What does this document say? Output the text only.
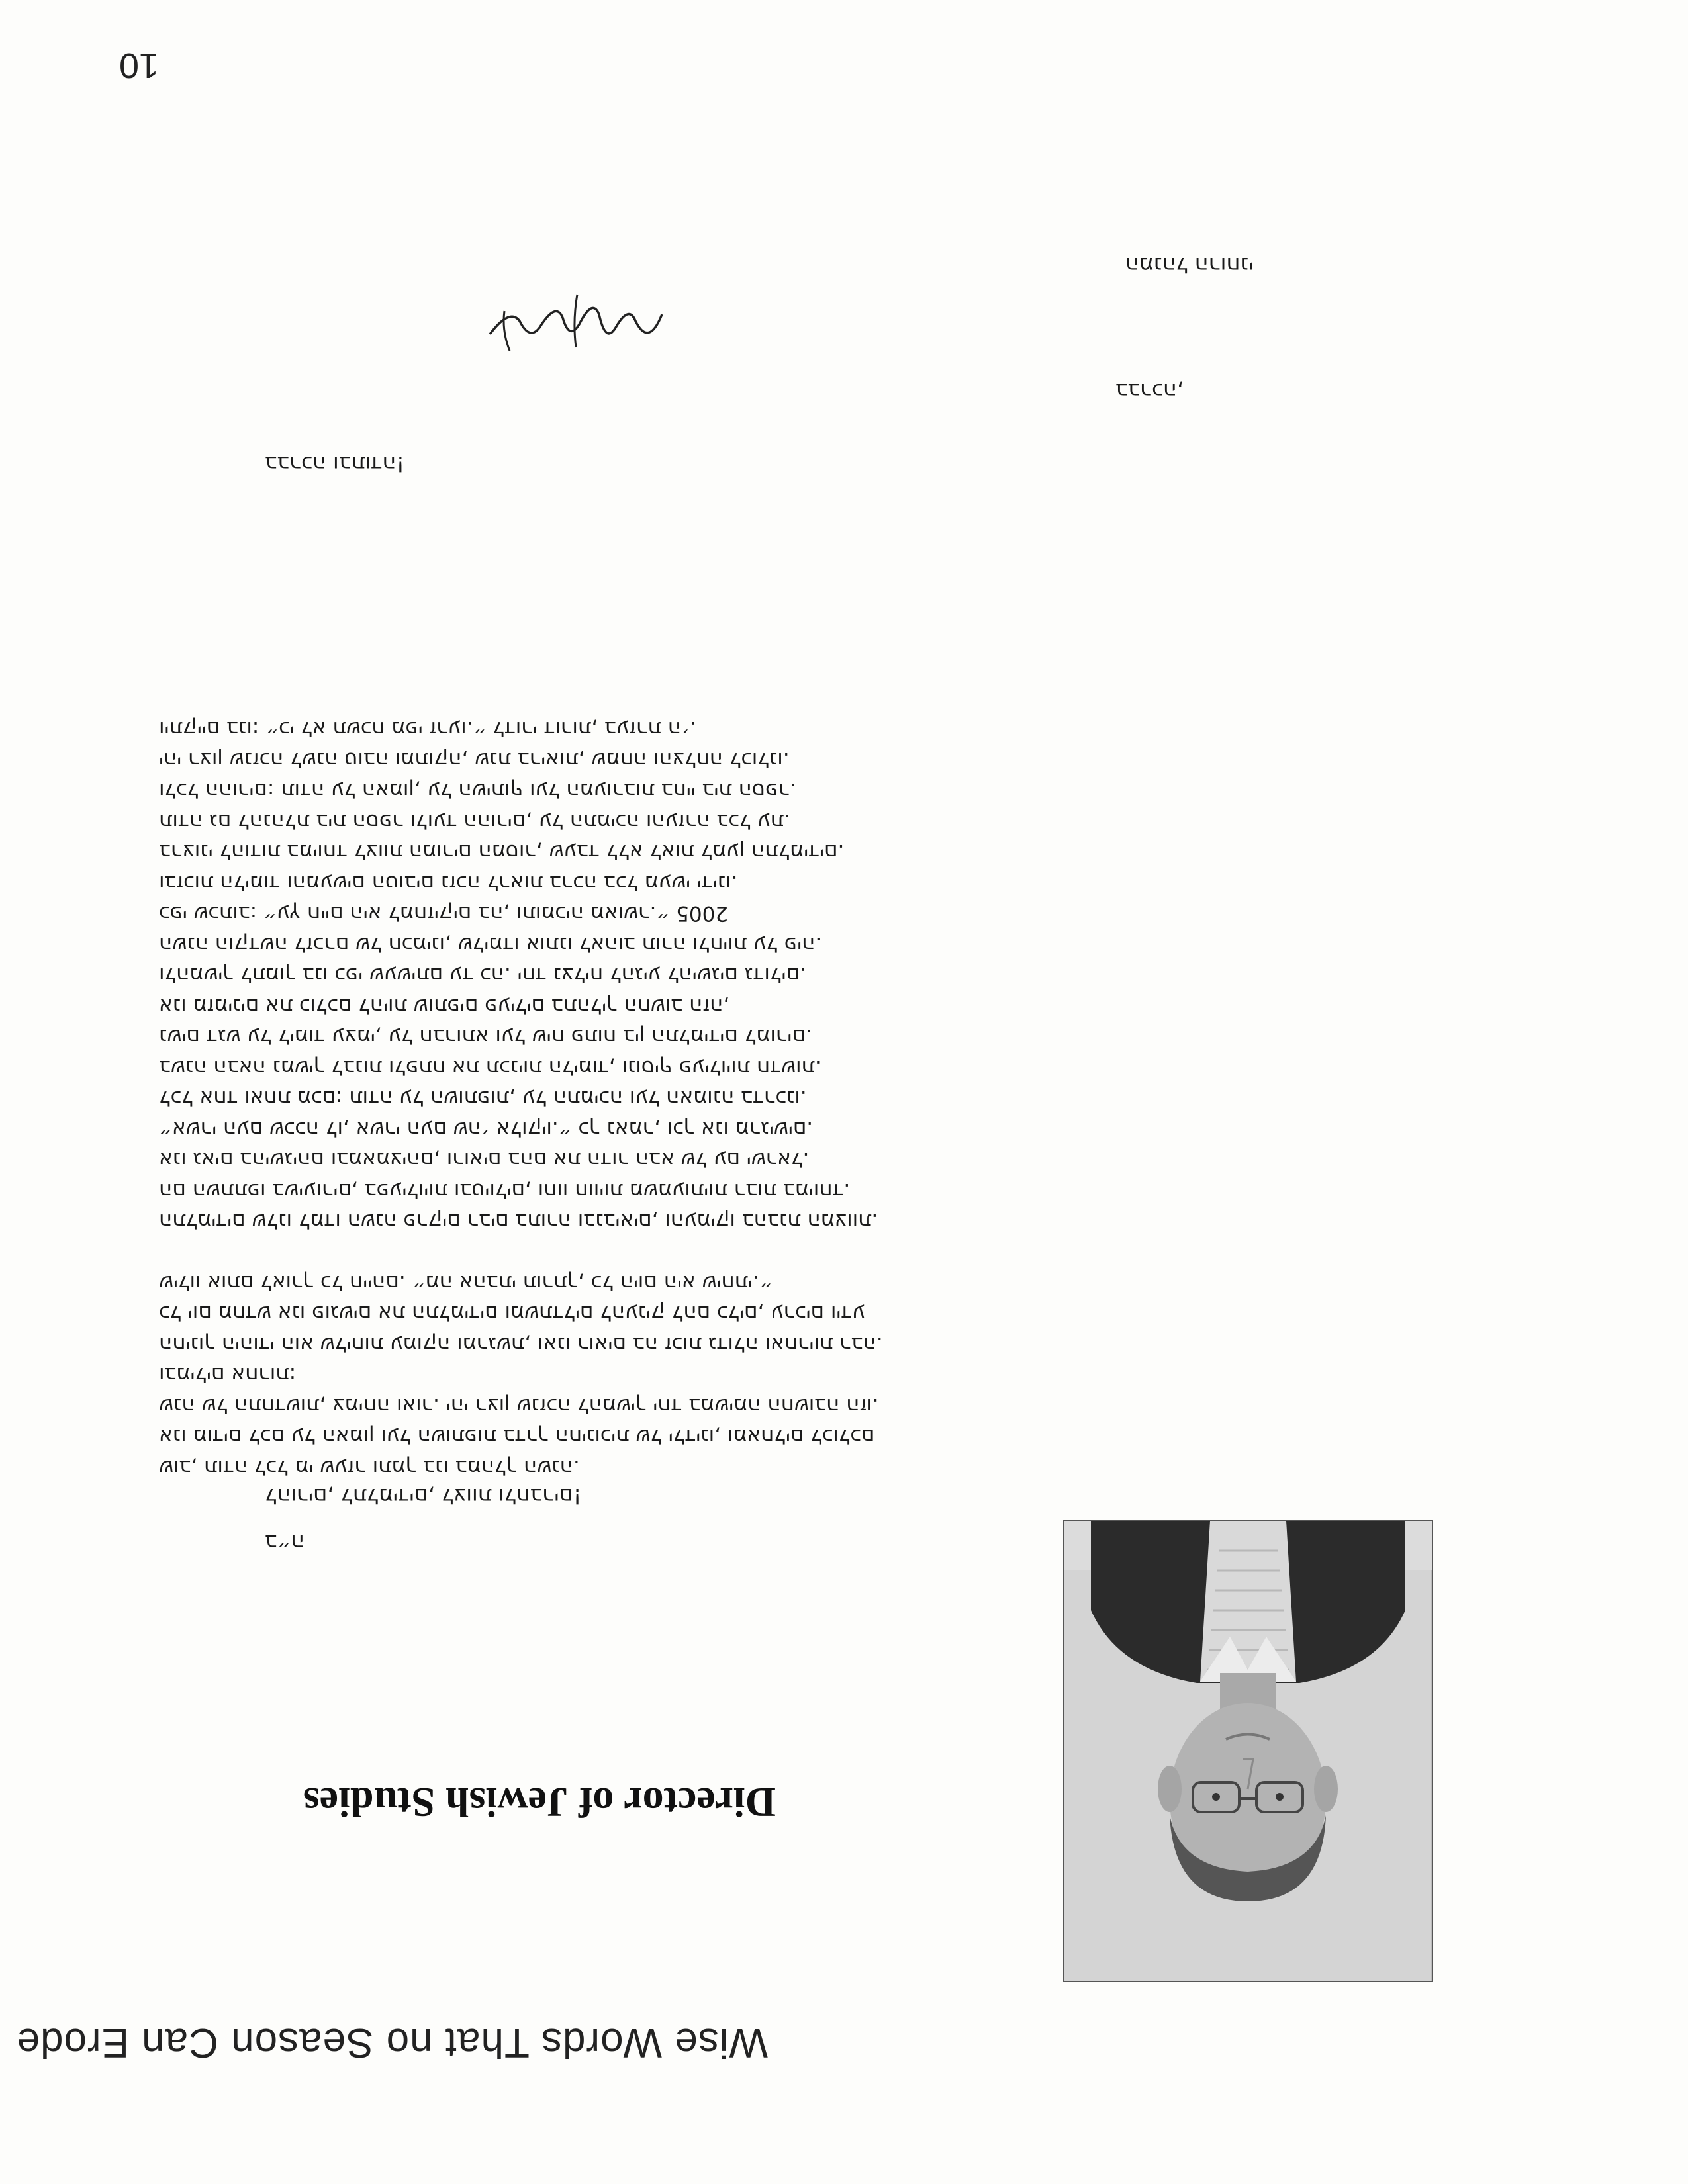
Wise Words That no Season Can Erode
Director of Jewish Studies
ב״ה
להורים, לתלמידים, לצוות ולחברים!

שוב, תודה לכל מי שעזר ותמך בנו במהלך השנה.

אנו מודים לכם על האמון ועל השותפות בדרך החינוכית של ילדינו, ומאחלים לכולכם

שנה של התחדשות, צמיחה ואור. יהי רצון שנזכה להמשיך יחד במשימה החשובה הזו.

ובמילים אחרות:

החינוך היהודי הוא שליחות עמוקה ומרגשת, ואנו רואים בה זכות גדולה ואחריות רבה.

כל יום מחדש אנו פוגשים את התלמידים ומשתדלים להעניק להם כלים, ערכים וידע

שילוו אותם לאורך כל חייהם. ״מה אהבתי תורתך, כל היום היא שיחתי.״

התלמידים שלנו למדו השנה פרקים רבים בתורה ובנביאים, והעמיקו בהבנת המצוות.

הם השתתפו בשיעורים, בפעילויות ובטיולים, וחוו חוויות משמעותיות רבות במיוחד.

אנו גאים בהישגיהם ובמאמציהם, ורואים בהם את הדור הבא של עם ישראל.

״אשרי העם שככה לו, אשרי העם שה׳ אלוקיו.״ כך נאמר, וכך אנו מרגישים.

לכל אחד ואחת מכם: תודה על השותפות, על התמיכה ועל האמונה בדרכנו.

בשנה הבאה נמשיך לבנות ולפתח את תכניות הלימוד, ונוסיף פעילויות חדשות.

נשים דגש על לימוד עצמי, על חברותא ועל שיח פתוח בין התלמידים למורים.

אנו מזמינים את כולכם להיות שותפים פעילים בתהליך החשוב הזה,

ולהמשיך לתמוך בנו כפי שעשיתם עד כה. יחד נצליח להגיע להישגים גדולים.

השנה הוקדשה לזכרם של חכמינו, שלימדו אותנו לאהוב תורה ולחיות על פיה.

כפי שכתוב: ״עץ חיים היא למחזיקים בה, ותומכיה מאושר.״ 2005

ובזכות הלימוד והמעשים הטובים נזכה לראות ברכה בכל מעשי ידינו.

ברצוני להודות במיוחד לצוות המורים המסור, שעבד ללא לאות למען התלמידים.

תודה גם להנהלת בית הספר ולועד ההורים, על התמיכה והעזרה בכל עת.

ולכל ההורים: תודה על האמון, על השיתוף ועל המעורבות בחיי בית הספר.

יהי רצון שנזכה לשנה טובה ומתוקה, שנת בריאות, שמחה והצלחה לכולנו.

ויתקיים בנו: ״כי לא תשכח מפי זרעו.״ לדורי דורות, בעזרת ה׳.

בברכה ובתודה!
בברכה,
המנהל הרוחני
10
